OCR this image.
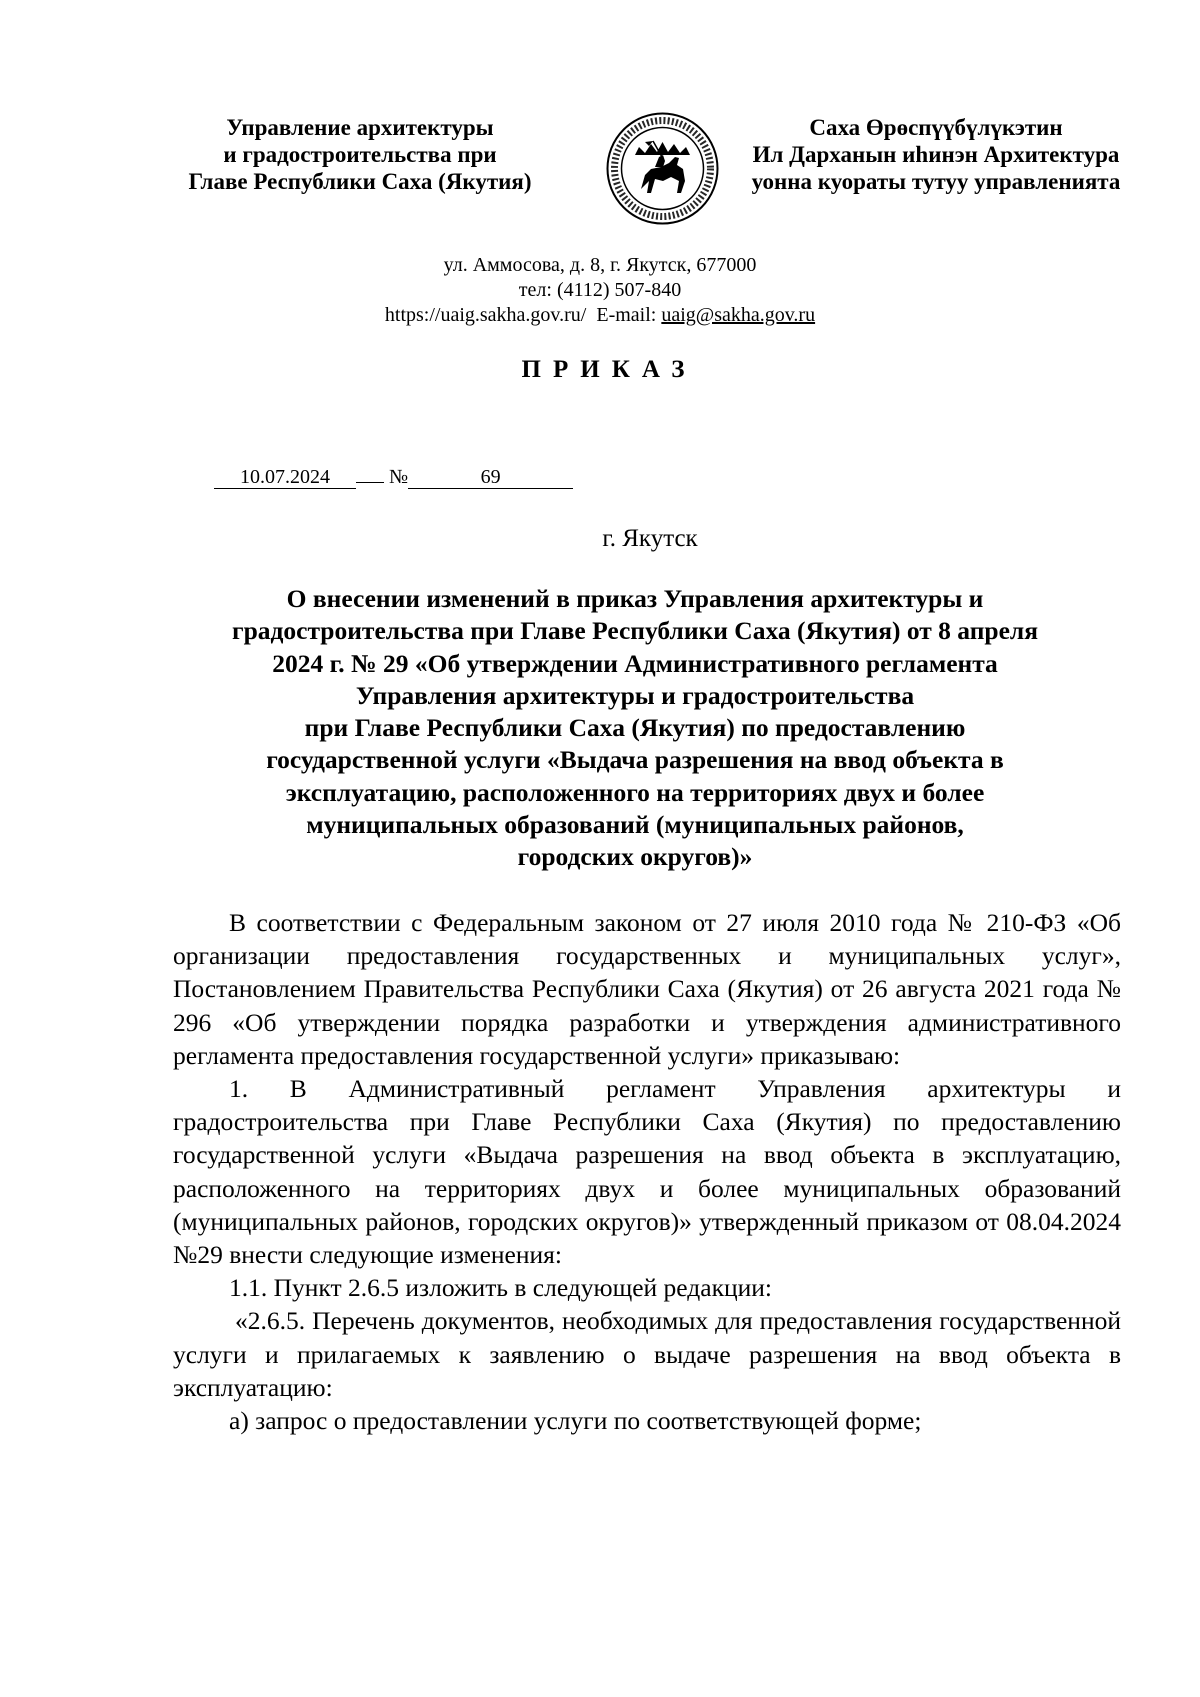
Управление архитектуры
и градостроительства при
Главе Республики Саха (Якутия)
Саха Өрөспүүбүлүкэтин
Ил Дарханын иһинэн Архитектура
уонна куораты тутуу управленията
ул. Аммосова, д. 8, г. Якутск, 677000
тел: (4112) 507-840
https://uaig.sakha.gov.ru/ E-mail: uaig@sakha.gov.ru
ПРИКАЗ
10.07.2024	№	69
г. Якутск
О внесении изменений в приказ Управления архитектуры и
градостроительства при Главе Республики Саха (Якутия) от 8 апреля
2024 г. № 29 «Об утверждении Административного регламента
Управления архитектуры и градостроительства
при Главе Республики Саха (Якутия) по предоставлению
государственной услуги «Выдача разрешения на ввод объекта в
эксплуатацию, расположенного на территориях двух и более
муниципальных образований (муниципальных районов,
городских округов)»

В соответствии с Федеральным законом от 27 июля 2010 года № 210-ФЗ «Об организации предоставления государственных и муниципальных услуг», Постановлением Правительства Республики Саха (Якутия) от 26 августа 2021 года № 296 «Об утверждении порядка разработки и утверждения административного регламента предоставления государственной услуги» приказываю:

1. В Административный регламент Управления архитектуры и градостроительства при Главе Республики Саха (Якутия) по предоставлению государственной услуги «Выдача разрешения на ввод объекта в эксплуатацию, расположенного на территориях двух и более муниципальных образований (муниципальных районов, городских округов)» утвержденный приказом от 08.04.2024 №29 внести следующие изменения:

1.1. Пункт 2.6.5 изложить в следующей редакции:

«2.6.5. Перечень документов, необходимых для предоставления государственной услуги и прилагаемых к заявлению о выдаче разрешения на ввод объекта в эксплуатацию:

а) запрос о предоставлении услуги по соответствующей форме;
